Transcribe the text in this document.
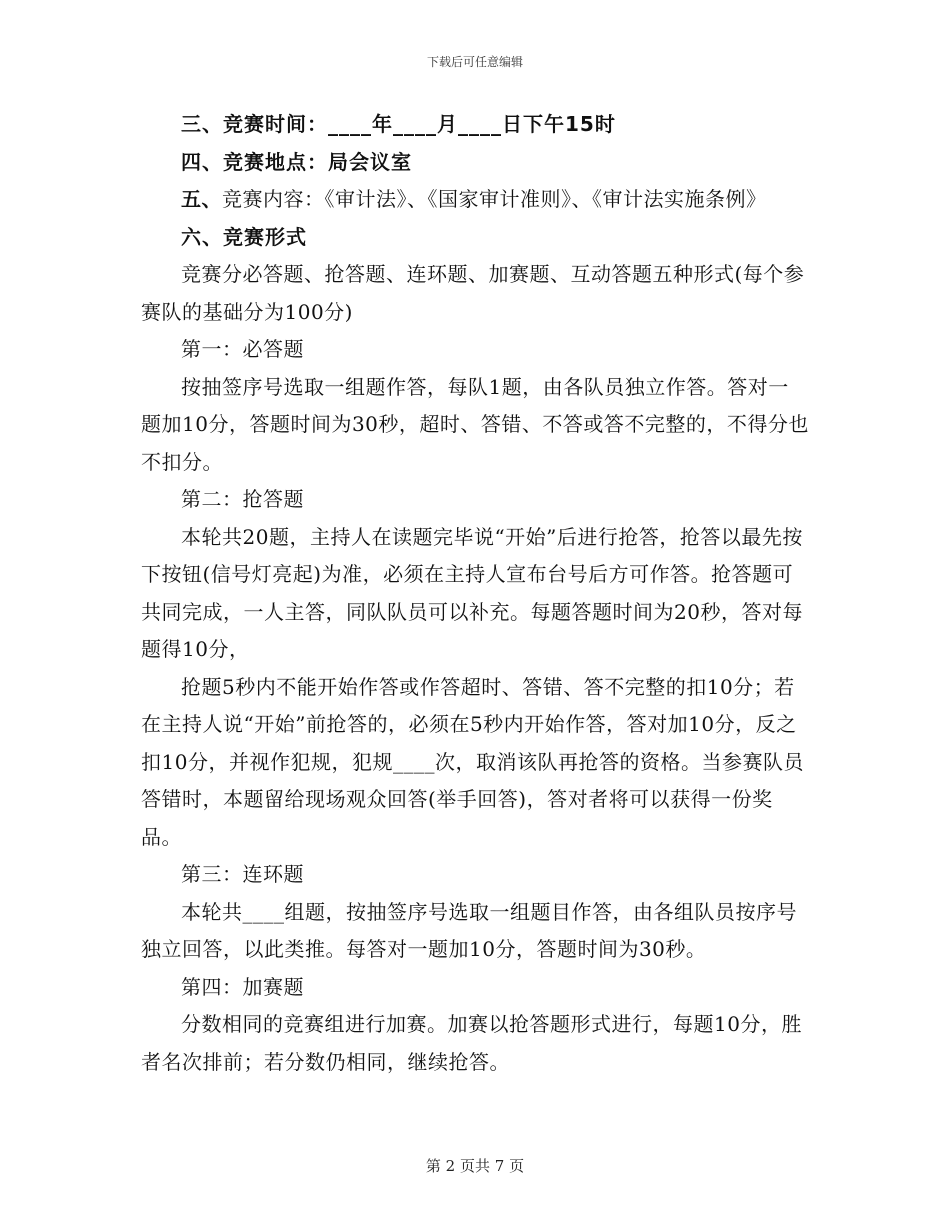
下载后可任意编辑

三、竞赛时间：____年____月____日下午15时

四、竞赛地点：局会议室

五、竞赛内容：《审计法》、《国家审计准则》、《审计法实施条例》

六、竞赛形式

竞赛分必答题、抢答题、连环题、加赛题、互动答题五种形式(每个参赛队的基础分为100分)

第一：必答题

按抽签序号选取一组题作答，每队1题，由各队员独立作答。答对一题加10分，答题时间为30秒，超时、答错、不答或答不完整的，不得分也不扣分。

第二：抢答题

本轮共20题，主持人在读题完毕说“开始”后进行抢答，抢答以最先按下按钮(信号灯亮起)为准，必须在主持人宣布台号后方可作答。抢答题可共同完成，一人主答，同队队员可以补充。每题答题时间为20秒，答对每题得10分，

抢题5秒内不能开始作答或作答超时、答错、答不完整的扣10分；若在主持人说“开始”前抢答的，必须在5秒内开始作答，答对加10分，反之扣10分，并视作犯规，犯规____次，取消该队再抢答的资格。当参赛队员答错时，本题留给现场观众回答(举手回答)，答对者将可以获得一份奖品。

第三：连环题

本轮共____组题，按抽签序号选取一组题目作答，由各组队员按序号独立回答，以此类推。每答对一题加10分，答题时间为30秒。

第四：加赛题

分数相同的竞赛组进行加赛。加赛以抢答题形式进行，每题10分，胜者名次排前；若分数仍相同，继续抢答。

第 2 页共 7 页
